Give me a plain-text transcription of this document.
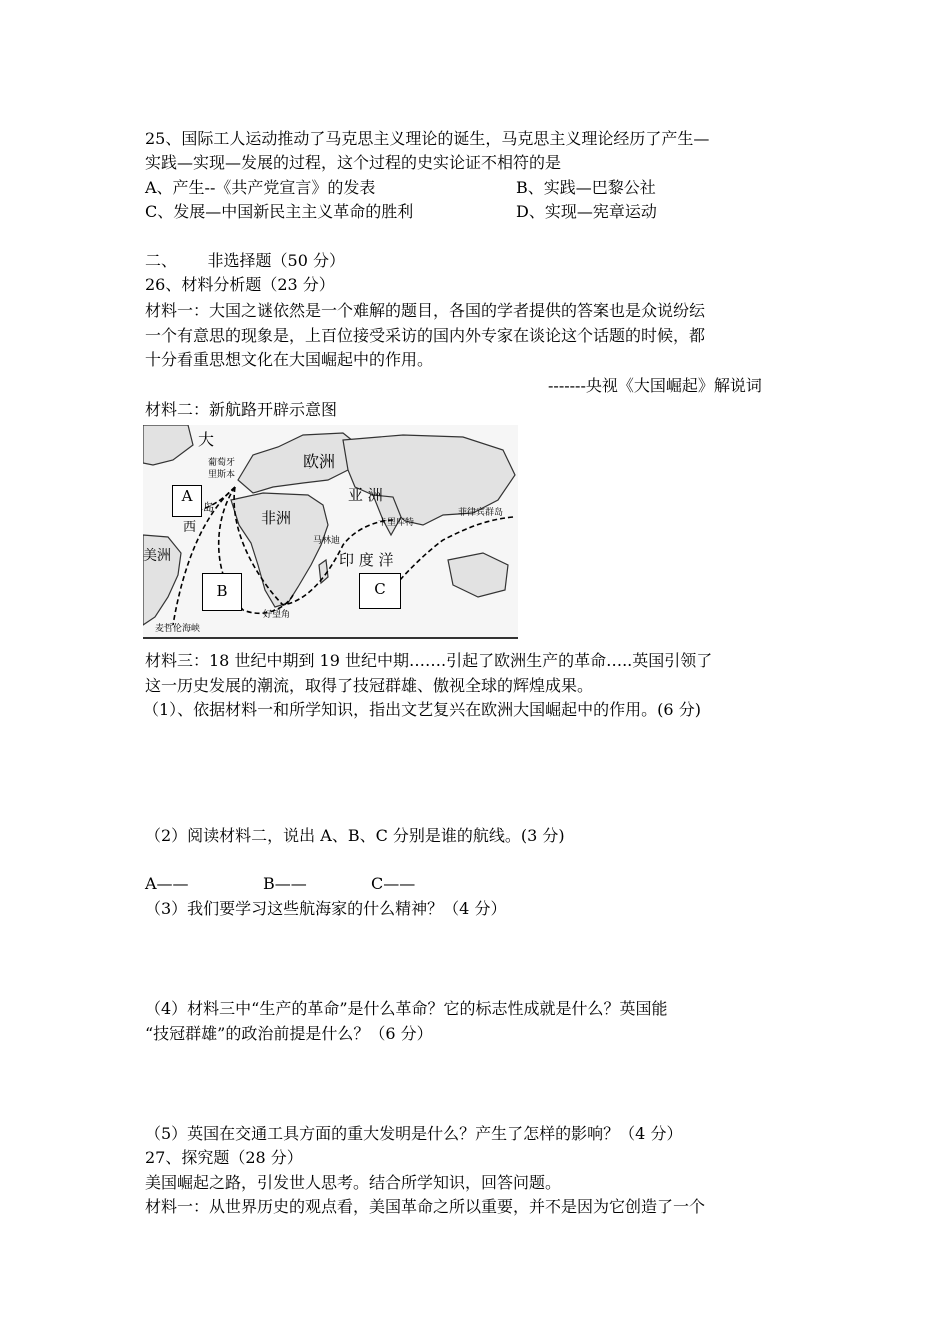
25、国际工人运动推动了马克思主义理论的诞生，马克思主义理论经历了产生—
实践—实现—发展的过程，这个过程的史实论证不相符的是
A、产生--《共产党宣言》的发表	B、实践—巴黎公社
C、发展—中国新民主主义革命的胜利	D、实现—宪章运动
二、      非选择题（50 分）
26、材料分析题（23 分）
材料一：大国之谜依然是一个难解的题目，各国的学者提供的答案也是众说纷纭
一个有意思的现象是，上百位接受采访的国内外专家在谈论这个话题的时候，都
十分看重思想文化在大国崛起中的作用。
-------央视《大国崛起》解说词
材料二：新航路开辟示意图
大
欧洲
亚 洲
非洲
印 度 洋
美洲
西
岛
葡萄牙
里斯本
马林迪
卡里库特
菲律宾群岛
好望角
麦哲伦海峡
A
B	C
材料三：18 世纪中期到 19 世纪中期…….引起了欧洲生产的革命…..英国引领了
这一历史发展的潮流，取得了技冠群雄、傲视全球的辉煌成果。
（1）、依据材料一和所学知识，指出文艺复兴在欧洲大国崛起中的作用。(6 分)
（2）阅读材料二，说出 A、B、C 分别是谁的航线。(3 分)
A——	B——	C——
（3）我们要学习这些航海家的什么精神？（4 分）
（4）材料三中“生产的革命”是什么革命？它的标志性成就是什么？英国能
“技冠群雄”的政治前提是什么？（6 分）
（5）英国在交通工具方面的重大发明是什么？产生了怎样的影响？（4 分）
27、探究题（28 分）
美国崛起之路，引发世人思考。结合所学知识，回答问题。
材料一：从世界历史的观点看，美国革命之所以重要，并不是因为它创造了一个
